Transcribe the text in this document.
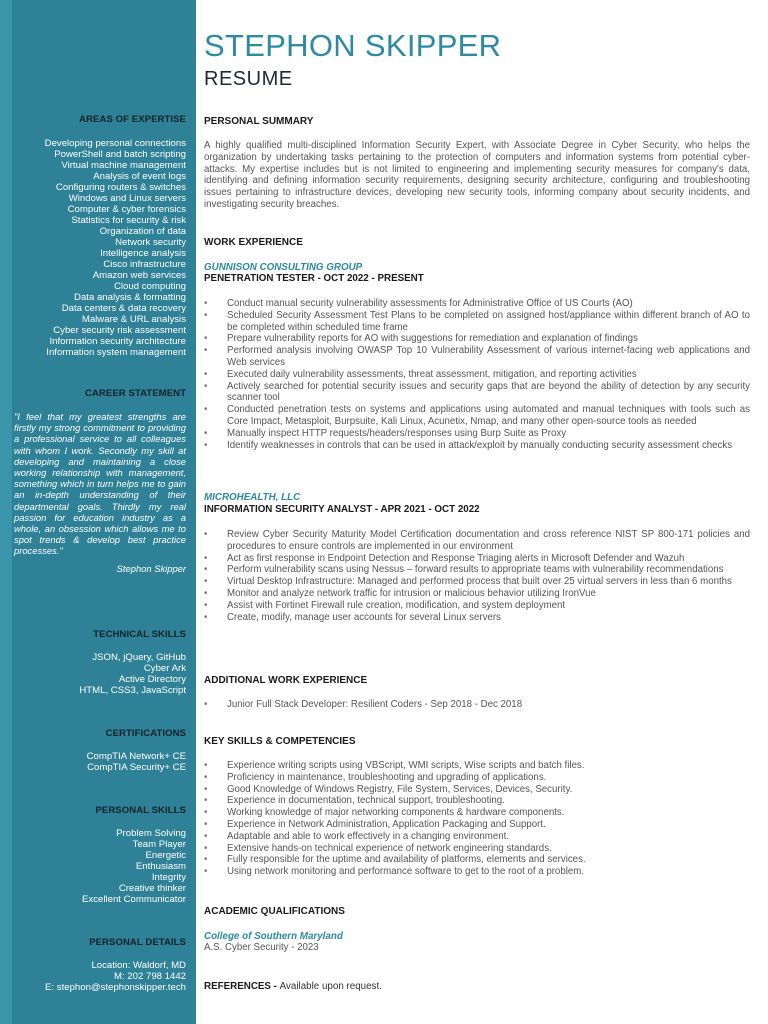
AREAS OF EXPERTISE
Developing personal connections
PowerShell and batch scripting
Virtual machine management
Analysis of event logs
Configuring routers & switches
Windows and Linux servers
Computer & cyber forensics
Statistics for security & risk
Organization of data
Network security
Intelligence analysis
Cisco infrastructure
Amazon web services
Cloud computing
Data analysis & formatting
Data centers & data recovery
Malware & URL analysis
Cyber security risk assessment
Information security architecture
Information system management
CAREER STATEMENT
"I feel that my greatest strengths are firstly my strong commitment to providing a professional service to all colleagues with whom I work. Secondly my skill at developing and maintaining a close working relationship with management, something which in turn helps me to gain an in-depth understanding of their departmental goals. Thirdly my real passion for education industry as a whole, an obsession which allows me to spot trends & develop best practice processes."
Stephon Skipper
TECHNICAL SKILLS
JSON, jQuery, GitHub
Cyber Ark
Active Directory
HTML, CSS3, JavaScript
CERTIFICATIONS
CompTIA Network+ CE
CompTIA Security+ CE
PERSONAL SKILLS
Problem Solving
Team Player
Energetic
Enthusiasm
Integrity
Creative thinker
Excellent Communicator
PERSONAL DETAILS
Location: Waldorf, MD
M: 202 798 1442
E: stephon@stephonskipper.tech
STEPHON SKIPPER
RESUME
PERSONAL SUMMARY
A highly qualified multi-disciplined Information Security Expert, with Associate Degree in Cyber Security, who helps the organization by undertaking tasks pertaining to the protection of computers and information systems from potential cyber-attacks. My expertise includes but is not limited to engineering and implementing security measures for company's data, identifying and defining information security requirements, designing security architecture, configuring and troubleshooting issues pertaining to infrastructure devices, developing new security tools, informing company about security incidents, and investigating security breaches.
WORK EXPERIENCE
GUNNISON CONSULTING GROUP
PENETRATION TESTER - OCT 2022 - PRESENT
• Conduct manual security vulnerability assessments for Administrative Office of US Courts (AO)
• Scheduled Security Assessment Test Plans to be completed on assigned host/appliance within different branch of AO to be completed within scheduled time frame
• Prepare vulnerability reports for AO with suggestions for remediation and explanation of findings
• Performed analysis involving OWASP Top 10 Vulnerability Assessment of various internet-facing web applications and Web services
• Executed daily vulnerability assessments, threat assessment, mitigation, and reporting activities
• Actively searched for potential security issues and security gaps that are beyond the ability of detection by any security scanner tool
• Conducted penetration tests on systems and applications using automated and manual techniques with tools such as Core Impact, Metasploit, Burpsuite, Kali Linux, Acunetix, Nmap, and many other open-source tools as needed
• Manually inspect HTTP requests/headers/responses using Burp Suite as Proxy
• Identify weaknesses in controls that can be used in attack/exploit by manually conducting security assessment checks
MICROHEALTH, LLC
INFORMATION SECURITY ANALYST - APR 2021 - OCT 2022
• Review Cyber Security Maturity Model Certification documentation and cross reference NIST SP 800-171 policies and procedures to ensure controls are implemented in our environment
• Act as first response in Endpoint Detection and Response Triaging alerts in Microsoft Defender and Wazuh
• Perform vulnerability scans using Nessus – forward results to appropriate teams with vulnerability recommendations
• Virtual Desktop Infrastructure: Managed and performed process that built over 25 virtual servers in less than 6 months
• Monitor and analyze network traffic for intrusion or malicious behavior utilizing IronVue
• Assist with Fortinet Firewall rule creation, modification, and system deployment
• Create, modify, manage user accounts for several Linux servers
ADDITIONAL WORK EXPERIENCE
• Junior Full Stack Developer: Resilient Coders - Sep 2018 - Dec 2018
KEY SKILLS & COMPETENCIES
• Experience writing scripts using VBScript, WMI scripts, Wise scripts and batch files.
• Proficiency in maintenance, troubleshooting and upgrading of applications.
• Good Knowledge of Windows Registry, File System, Services, Devices, Security.
• Experience in documentation, technical support, troubleshooting.
• Working knowledge of major networking components & hardware components.
• Experience in Network Administration, Application Packaging and Support.
• Adaptable and able to work effectively in a changing environment.
• Extensive hands-on technical experience of network engineering standards.
• Fully responsible for the uptime and availability of platforms, elements and services.
• Using network monitoring and performance software to get to the root of a problem.
ACADEMIC QUALIFICATIONS
College of Southern Maryland
A.S. Cyber Security - 2023
REFERENCES - Available upon request.
